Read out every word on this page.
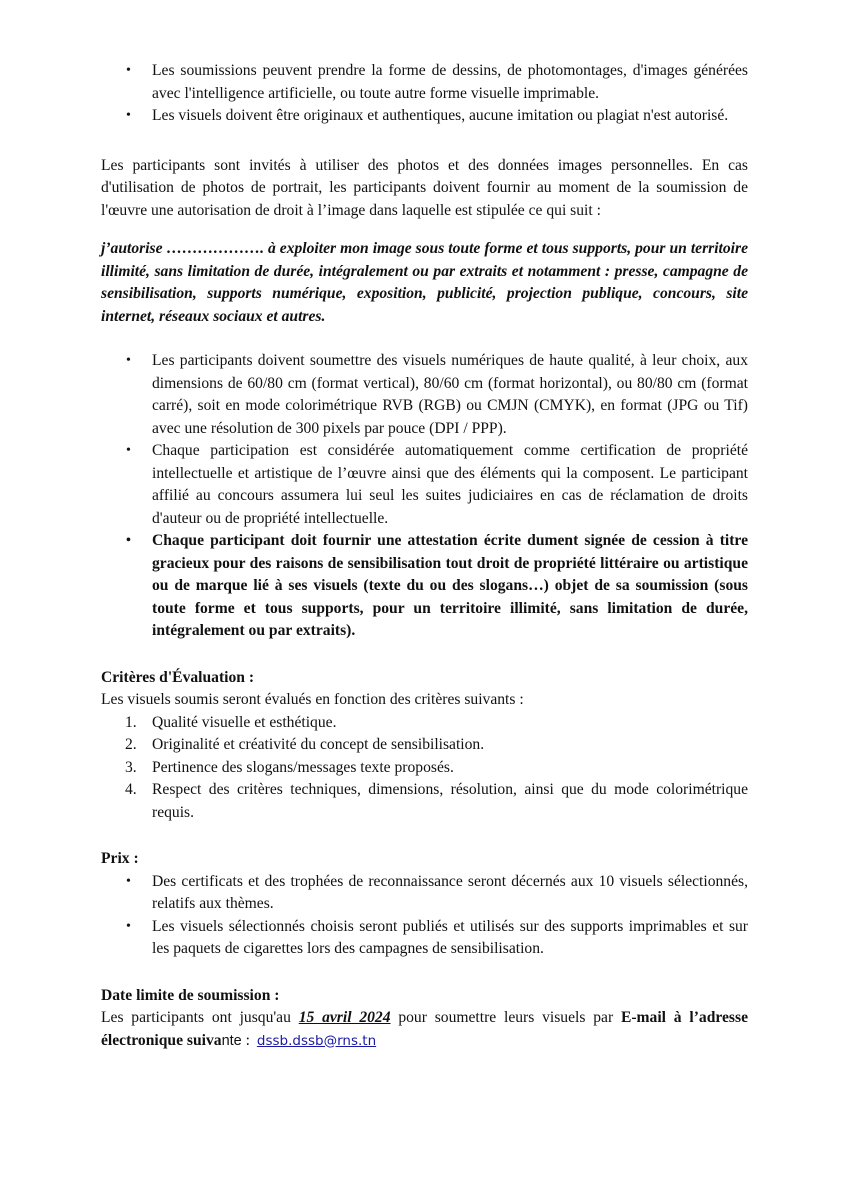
• Les soumissions peuvent prendre la forme de dessins, de photomontages, d'images générées avec l'intelligence artificielle, ou toute autre forme visuelle imprimable.
• Les visuels doivent être originaux et authentiques, aucune imitation ou plagiat n'est autorisé.

Les participants sont invités à utiliser des photos et des données images personnelles. En cas d'utilisation de photos de portrait, les participants doivent fournir au moment de la soumission de l'œuvre une autorisation de droit à l’image dans laquelle est stipulée ce qui suit :

j’autorise ………………. à exploiter mon image sous toute forme et tous supports, pour un territoire illimité, sans limitation de durée, intégralement ou par extraits et notamment : presse, campagne de sensibilisation, supports numérique, exposition, publicité, projection publique, concours, site internet, réseaux sociaux et autres.

• Les participants doivent soumettre des visuels numériques de haute qualité, à leur choix, aux dimensions de 60/80 cm (format vertical), 80/60 cm (format horizontal), ou 80/80 cm (format carré), soit en mode colorimétrique RVB (RGB) ou CMJN (CMYK), en format (JPG ou Tif) avec une résolution de 300 pixels par pouce (DPI / PPP).
• Chaque participation est considérée automatiquement comme certification de propriété intellectuelle et artistique de l’œuvre ainsi que des éléments qui la composent. Le participant affilié au concours assumera lui seul les suites judiciaires en cas de réclamation de droits d'auteur ou de propriété intellectuelle.
• Chaque participant doit fournir une attestation écrite dument signée de cession à titre gracieux pour des raisons de sensibilisation tout droit de propriété littéraire ou artistique ou de marque lié à ses visuels (texte du ou des slogans…) objet de sa soumission (sous toute forme et tous supports, pour un territoire illimité, sans limitation de durée, intégralement ou par extraits).
Critères d'Évaluation :
Les visuels soumis seront évalués en fonction des critères suivants :
1. Qualité visuelle et esthétique.
2. Originalité et créativité du concept de sensibilisation.
3. Pertinence des slogans/messages texte proposés.
4. Respect des critères techniques, dimensions, résolution, ainsi que du mode colorimétrique requis.
Prix :
• Des certificats et des trophées de reconnaissance seront décernés aux 10 visuels sélectionnés, relatifs aux thèmes.
• Les visuels sélectionnés choisis seront publiés et utilisés sur des supports imprimables et sur les paquets de cigarettes lors des campagnes de sensibilisation.
Date limite de soumission :

Les participants ont jusqu'au 15 avril 2024 pour soumettre leurs visuels par E-mail à l’adresse électronique suivante : dssb.dssb@rns.tn
